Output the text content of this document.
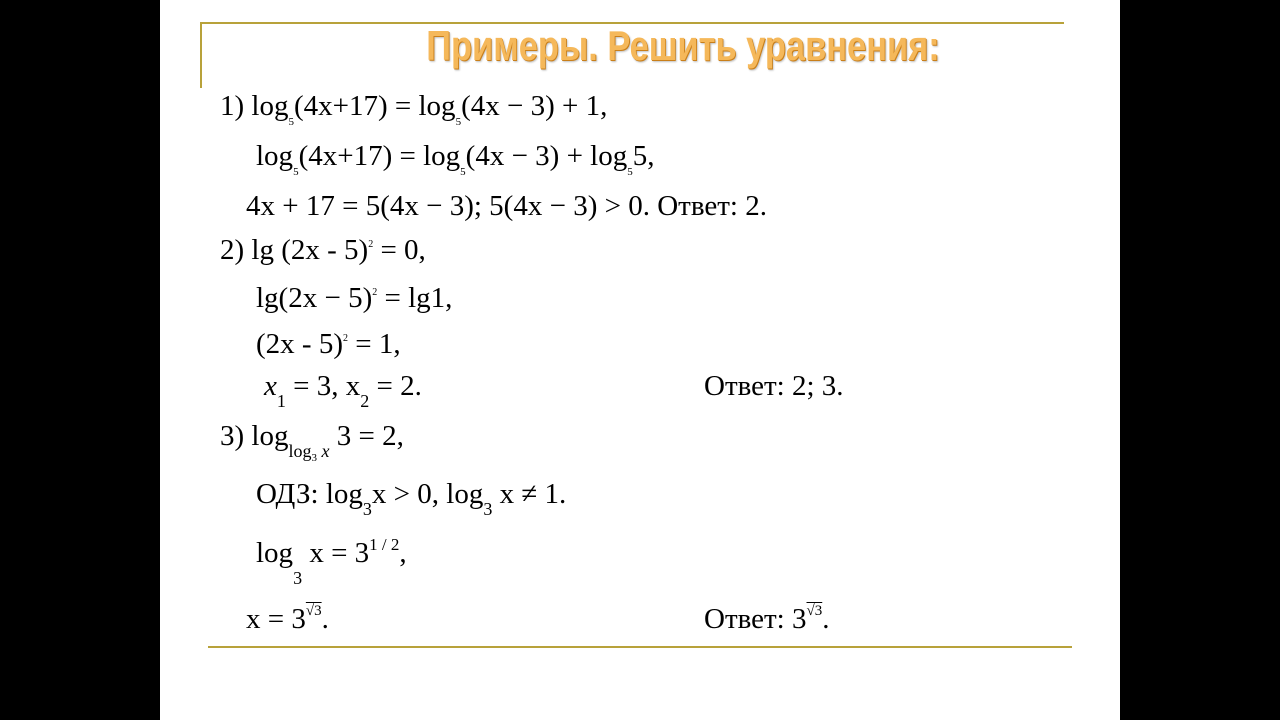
Примеры. Решить уравнения:
1) $\log_5(4x+17) = \log_5(4x - 3) + 1$,
$\log_5(4x+17) = \log_5(4x - 3) + \log_55$,
4x + 17 = 5(4x − 3); 5(4x − 3) > 0. Ответ: 2.
2) lg (2x - 5)$^2$ = 0,
$\lg(2x - 5)^2 = \lg 1$,
(2x - 5)$^2$ = 1,
$x_1 = 3$, $x_2 = 2$.	Ответ: 2; 3.
3) $\log_{log3} _x$ 3 = 2,
ОДЗ: $\log_3x > 0$, $\log_3 x \ne 1$.
$\log_3 x = 3^{1 / 2}$,
$x = 3^{√3}$.	Ответ: $3^{√3}$.
